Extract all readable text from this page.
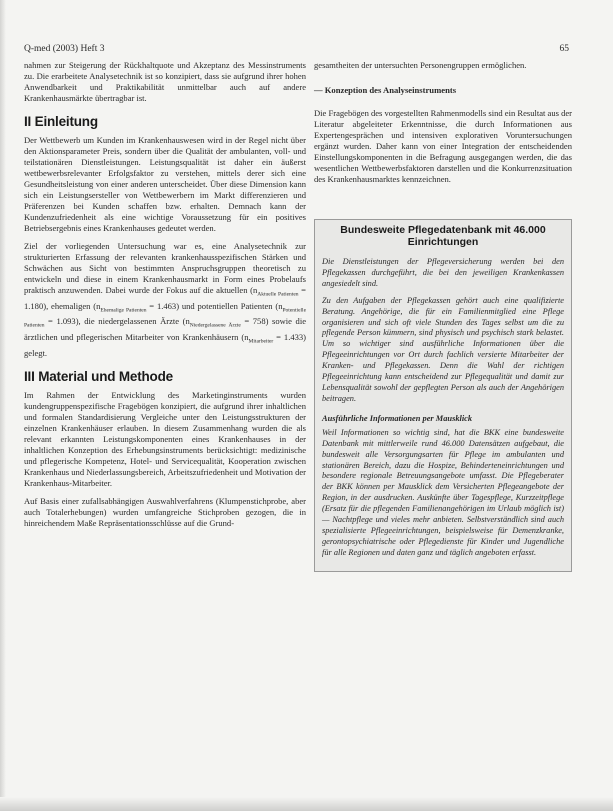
Q-med (2003) Heft 3	65

nahmen zur Steigerung der Rückhaltquote und Akzeptanz des Messinstruments zu. Die erarbeitete Analysetechnik ist so konzipiert, dass sie aufgrund ihrer hohen Anwendbarkeit und Praktikabilität unmittelbar auch auf andere Krankenhausmärkte übertragbar ist.

II Einleitung

Der Wettbewerb um Kunden im Krankenhauswesen wird in der Regel nicht über den Aktionsparameter Preis, sondern über die Qualität der ambulanten, voll- und teilstationären Dienstleistungen. Leistungsqualität ist daher ein äußerst wettbewerbsrelevanter Erfolgsfaktor zu verstehen, mittels derer sich eine Gesundheitsleistung von einer anderen unterscheidet. Über diese Dimension kann sich ein Leistungsersteller von Wettbewerbern im Markt differenzieren und Präferenzen bei Kunden schaffen bzw. erhalten. Demnach kann der Kundenzufriedenheit als eine wichtige Voraussetzung für ein positives Betriebsergebnis eines Krankenhauses gedeutet werden.

Ziel der vorliegenden Untersuchung war es, eine Analysetechnik zur strukturierten Erfassung der relevanten krankenhausspezifischen Stärken und Schwächen aus Sicht von bestimmten Anspruchsgruppen theoretisch zu entwickeln und diese in einem Krankenhausmarkt in Form eines Probelaufs praktisch anzuwenden. Dabei wurde der Fokus auf die aktuellen $(n_{Aktuelle Patienten} = 1.180)$, ehemaligen $(n_{Ehemalige Patienten} = 1.463)$ und potentiellen Patienten $(n_{Potentielle Patienten} = 1.093)$, die niedergelassenen Ärzte $(n_{Niedergelassene Ärzte} = 758)$ sowie die ärztlichen und pflegerischen Mitarbeiter von Krankenhäusern $(n_{Mitarbeiter} = 1.433)$ gelegt.

III Material und Methode

Im Rahmen der Entwicklung des Marketinginstruments wurden kundengruppenspezifische Fragebögen konzipiert, die aufgrund ihrer inhaltlichen und formalen Standardisierung Vergleiche unter den Leistungsstrukturen der einzelnen Krankenhäuser erlauben. In diesem Zusammenhang wurden die als relevant erkannten Leistungskomponenten eines Krankenhauses in der inhaltlichen Konzeption des Erhebungsinstruments berücksichtigt: medizinische und pflegerische Kompetenz, Hotel- und Servicequalität, Kooperation zwischen Krankenhaus und Niederlassungsbereich, Arbeitszufriedenheit und Motivation der Krankenhaus-Mitarbeiter.

Auf Basis einer zufallsabhängigen Auswahlverfahrens (Klumpenstichprobe, aber auch Totalerhebungen) wurden umfangreiche Stichproben gezogen, die in hinreichendem Maße Repräsentationsschlüsse auf die Grund-

gesamtheiten der untersuchten Personengruppen ermöglichen.

— Konzeption des Analyseinstruments

Die Fragebögen des vorgestellten Rahmenmodells sind ein Resultat aus der Literatur abgeleiteter Erkenntnisse, die durch Informationen aus Expertengesprächen und intensiven explorativen Voruntersuchungen ergänzt wurden. Daher kann von einer Integration der entscheidenden Einstellungskomponenten in die Befragung ausgegangen werden, die das wesentlichen Wettbewerbsfaktoren darstellen und die Konkurrenzsituation des Krankenhausmarktes kennzeichnen.

Bundesweite Pflegedatenbank mit 46.000 Einrichtungen

Die Dienstleistungen der Pflegeversicherung werden bei den Pflegekassen durchgeführt, die bei den jeweiligen Krankenkassen angesiedelt sind.

Zu den Aufgaben der Pflegekassen gehört auch eine qualifizierte Beratung. Angehörige, die für ein Familienmitglied eine Pflege organisieren und sich oft viele Stunden des Tages selbst um die zu pflegende Person kümmern, sind physisch und psychisch stark belastet. Um so wichtiger sind ausführliche Informationen über die Pflegeeinrichtungen vor Ort durch fachlich versierte Mitarbeiter der Kranken- und Pflegekassen. Denn die Wahl der richtigen Pflegeeinrichtung kann entscheidend zur Pflegequalität und damit zur Lebensqualität sowohl der gepflegten Person als auch der Angehörigen beitragen.

Ausführliche Informationen per Mausklick

Weil Informationen so wichtig sind, hat die BKK eine bundesweite Datenbank mit mittlerweile rund 46.000 Datensätzen aufgebaut, die bundesweit alle Versorgungsarten für Pflege im ambulanten und stationären Bereich, dazu die Hospize, Behinderteneinrichtungen und besondere regionale Betreuungsangebote umfasst. Die Pflegeberater der BKK können per Mausklick dem Versicherten Pflegeangebote der Region, in der ausdrucken. Auskünfte über Tagespflege, Kurzzeitpflege (Ersatz für die pflegenden Familienangehörigen im Urlaub möglich ist) — Nachtpflege und vieles mehr anbieten. Selbstverständlich sind auch spezialisierte Pflegeeinrichtungen, beispielsweise für Demenzkranke, gerontopsychiatrische oder Pflegedienste für Kinder und Jugendliche für alle Regionen und daten ganz und täglich angeboten erfasst.
